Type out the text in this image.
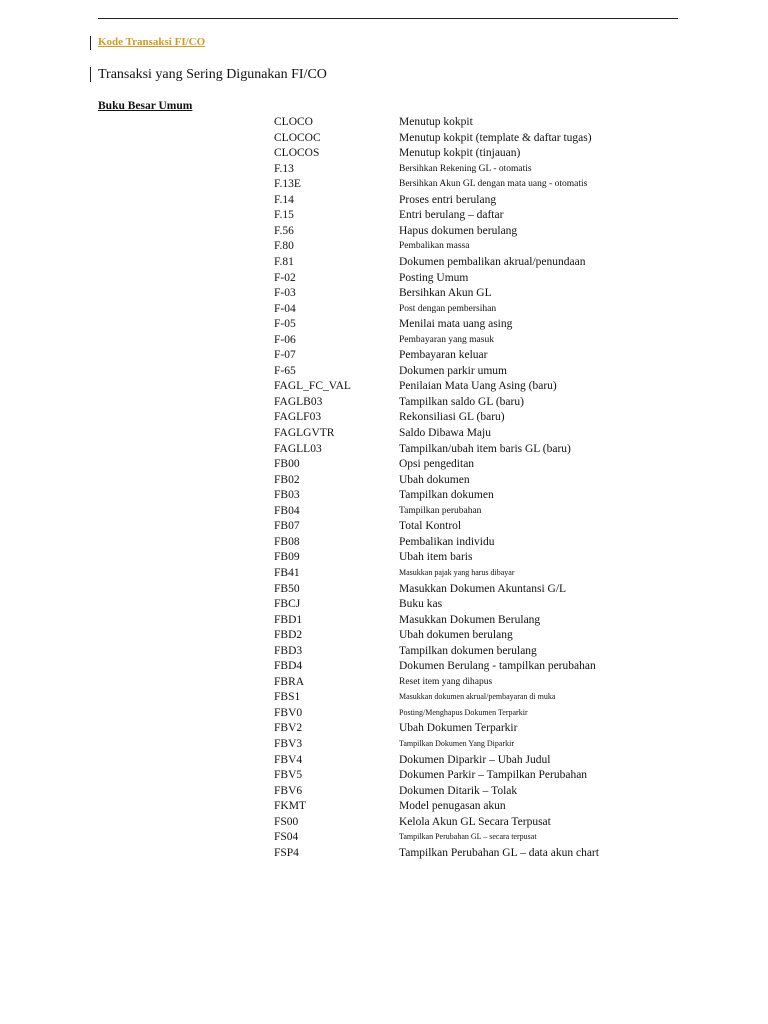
Kode Transaksi FI/CO
Transaksi yang Sering Digunakan FI/CO
Buku Besar Umum
CLOCO	Menutup kokpit
CLOCOC	Menutup kokpit (template & daftar tugas)
CLOCOS	Menutup kokpit (tinjauan)
F.13	Bersihkan Rekening GL - otomatis
F.13E	Bersihkan Akun GL dengan mata uang - otomatis
F.14	Proses entri berulang
F.15	Entri berulang – daftar
F.56	Hapus dokumen berulang
F.80	Pembalikan massa
F.81	Dokumen pembalikan akrual/penundaan
F-02	Posting Umum
F-03	Bersihkan Akun GL
F-04	Post dengan pembersihan
F-05	Menilai mata uang asing
F-06	Pembayaran yang masuk
F-07	Pembayaran keluar
F-65	Dokumen parkir umum
FAGL_FC_VAL	Penilaian Mata Uang Asing (baru)
FAGLB03	Tampilkan saldo GL (baru)
FAGLF03	Rekonsiliasi GL (baru)
FAGLGVTR	Saldo Dibawa Maju
FAGLL03	Tampilkan/ubah item baris GL (baru)
FB00	Opsi pengeditan
FB02	Ubah dokumen
FB03	Tampilkan dokumen
FB04	Tampilkan perubahan
FB07	Total Kontrol
FB08	Pembalikan individu
FB09	Ubah item baris
FB41	Masukkan pajak yang harus dibayar
FB50	Masukkan Dokumen Akuntansi G/L
FBCJ	Buku kas
FBD1	Masukkan Dokumen Berulang
FBD2	Ubah dokumen berulang
FBD3	Tampilkan dokumen berulang
FBD4	Dokumen Berulang - tampilkan perubahan
FBRA	Reset item yang dihapus
FBS1	Masukkan dokumen akrual/pembayaran di muka
FBV0	Posting/Menghapus Dokumen Terparkir
FBV2	Ubah Dokumen Terparkir
FBV3	Tampilkan Dokumen Yang Diparkir
FBV4	Dokumen Diparkir – Ubah Judul
FBV5	Dokumen Parkir – Tampilkan Perubahan
FBV6	Dokumen Ditarik – Tolak
FKMT	Model penugasan akun
FS00	Kelola Akun GL Secara Terpusat
FS04	Tampilkan Perubahan GL – secara terpusat
FSP4	Tampilkan Perubahan GL – data akun chart
